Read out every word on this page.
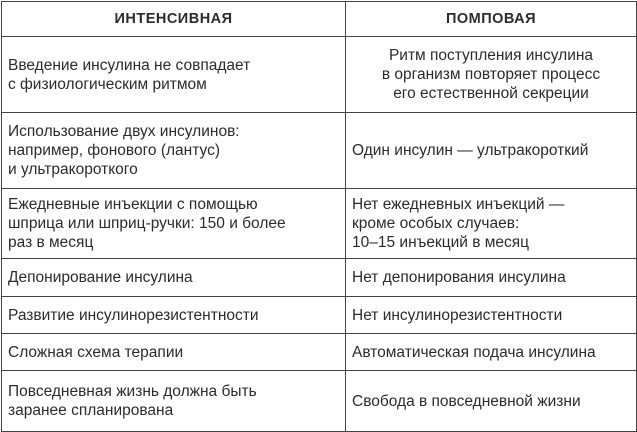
ИНТЕНСИВНАЯ	ПОМПОВАЯ

Введение инсулина не совпадает
с физиологическим ритмом	Ритм поступления инсулина
в организм повторяет процесс
его естественной секреции

Использование двух инсулинов:
например, фонового (лантус)
и ультракороткого	Один инсулин — ультракороткий

Ежедневные инъекции с помощью
шприца или шприц-ручки: 150 и более
раз в месяц	Нет ежедневных инъекций —
кроме особых случаев:
10–15 инъекций в месяц

Депонирование инсулина	Нет депонирования инсулина

Развитие инсулинорезистентности	Нет инсулинорезистентности

Сложная схема терапии	Автоматическая подача инсулина

Повседневная жизнь должна быть
заранее спланирована	Свобода в повседневной жизни
